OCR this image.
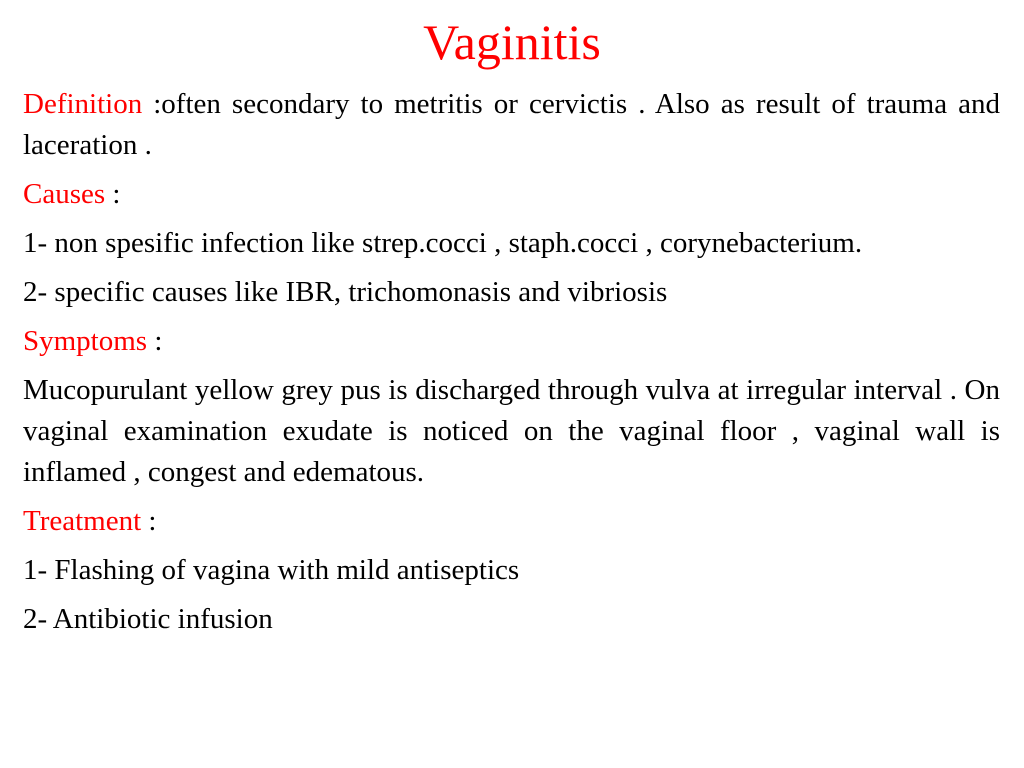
Vaginitis

Definition :often secondary to metritis or cervictis . Also as result of trauma and laceration .

Causes :

1- non spesific infection like strep.cocci , staph.cocci , corynebacterium.

2- specific causes like IBR, trichomonasis and vibriosis

Symptoms :

Mucopurulant yellow grey pus is discharged through vulva at irregular interval . On vaginal examination exudate is noticed on the vaginal floor , vaginal wall is inflamed , congest and edematous.

Treatment :

1- Flashing of vagina with mild antiseptics

2- Antibiotic infusion
